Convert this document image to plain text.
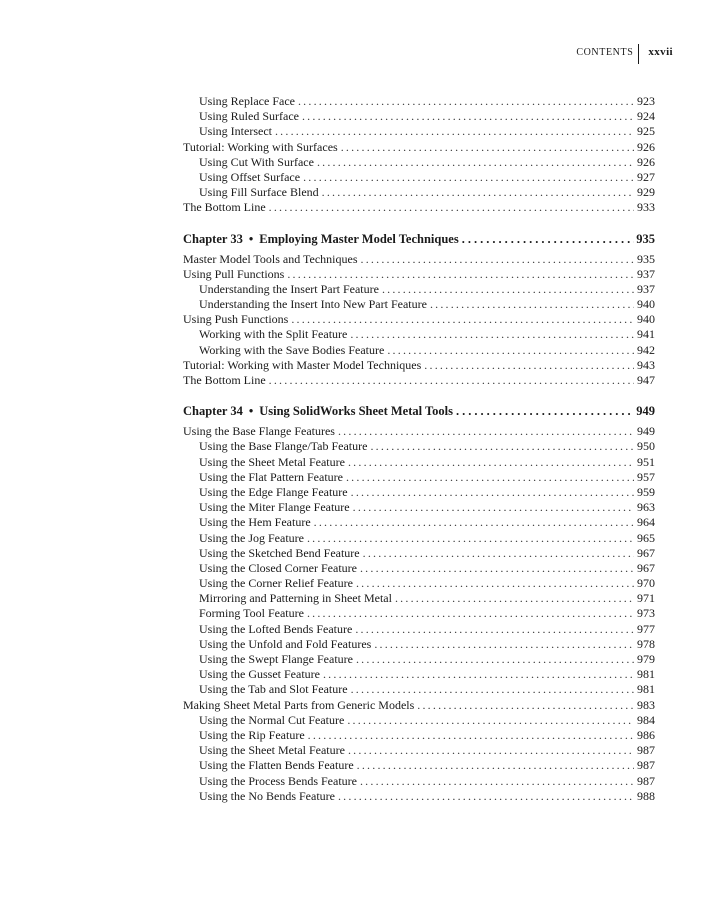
CONTENTS	xxvii
Using Replace Face .....	923
Using Ruled Surface .....	924
Using Intersect .....	925
Tutorial: Working with Surfaces .....	926
Using Cut With Surface .....	926
Using Offset Surface .....	927
Using Fill Surface Blend .....	929
The Bottom Line .....	933
Chapter 33 • Employing Master Model Techniques .....	935
Master Model Tools and Techniques .....	935
Using Pull Functions .....	937
Understanding the Insert Part Feature .....	937
Understanding the Insert Into New Part Feature .....	940
Using Push Functions .....	940
Working with the Split Feature .....	941
Working with the Save Bodies Feature .....	942
Tutorial: Working with Master Model Techniques .....	943
The Bottom Line .....	947
Chapter 34 • Using SolidWorks Sheet Metal Tools .....	949
Using the Base Flange Features .....	949
Using the Base Flange/Tab Feature .....	950
Using the Sheet Metal Feature .....	951
Using the Flat Pattern Feature .....	957
Using the Edge Flange Feature .....	959
Using the Miter Flange Feature .....	963
Using the Hem Feature .....	964
Using the Jog Feature .....	965
Using the Sketched Bend Feature .....	967
Using the Closed Corner Feature .....	967
Using the Corner Relief Feature .....	970
Mirroring and Patterning in Sheet Metal .....	971
Forming Tool Feature .....	973
Using the Lofted Bends Feature .....	977
Using the Unfold and Fold Features .....	978
Using the Swept Flange Feature .....	979
Using the Gusset Feature .....	981
Using the Tab and Slot Feature .....	981
Making Sheet Metal Parts from Generic Models .....	983
Using the Normal Cut Feature .....	984
Using the Rip Feature .....	986
Using the Sheet Metal Feature .....	987
Using the Flatten Bends Feature .....	987
Using the Process Bends Feature .....	987
Using the No Bends Feature .....	988
